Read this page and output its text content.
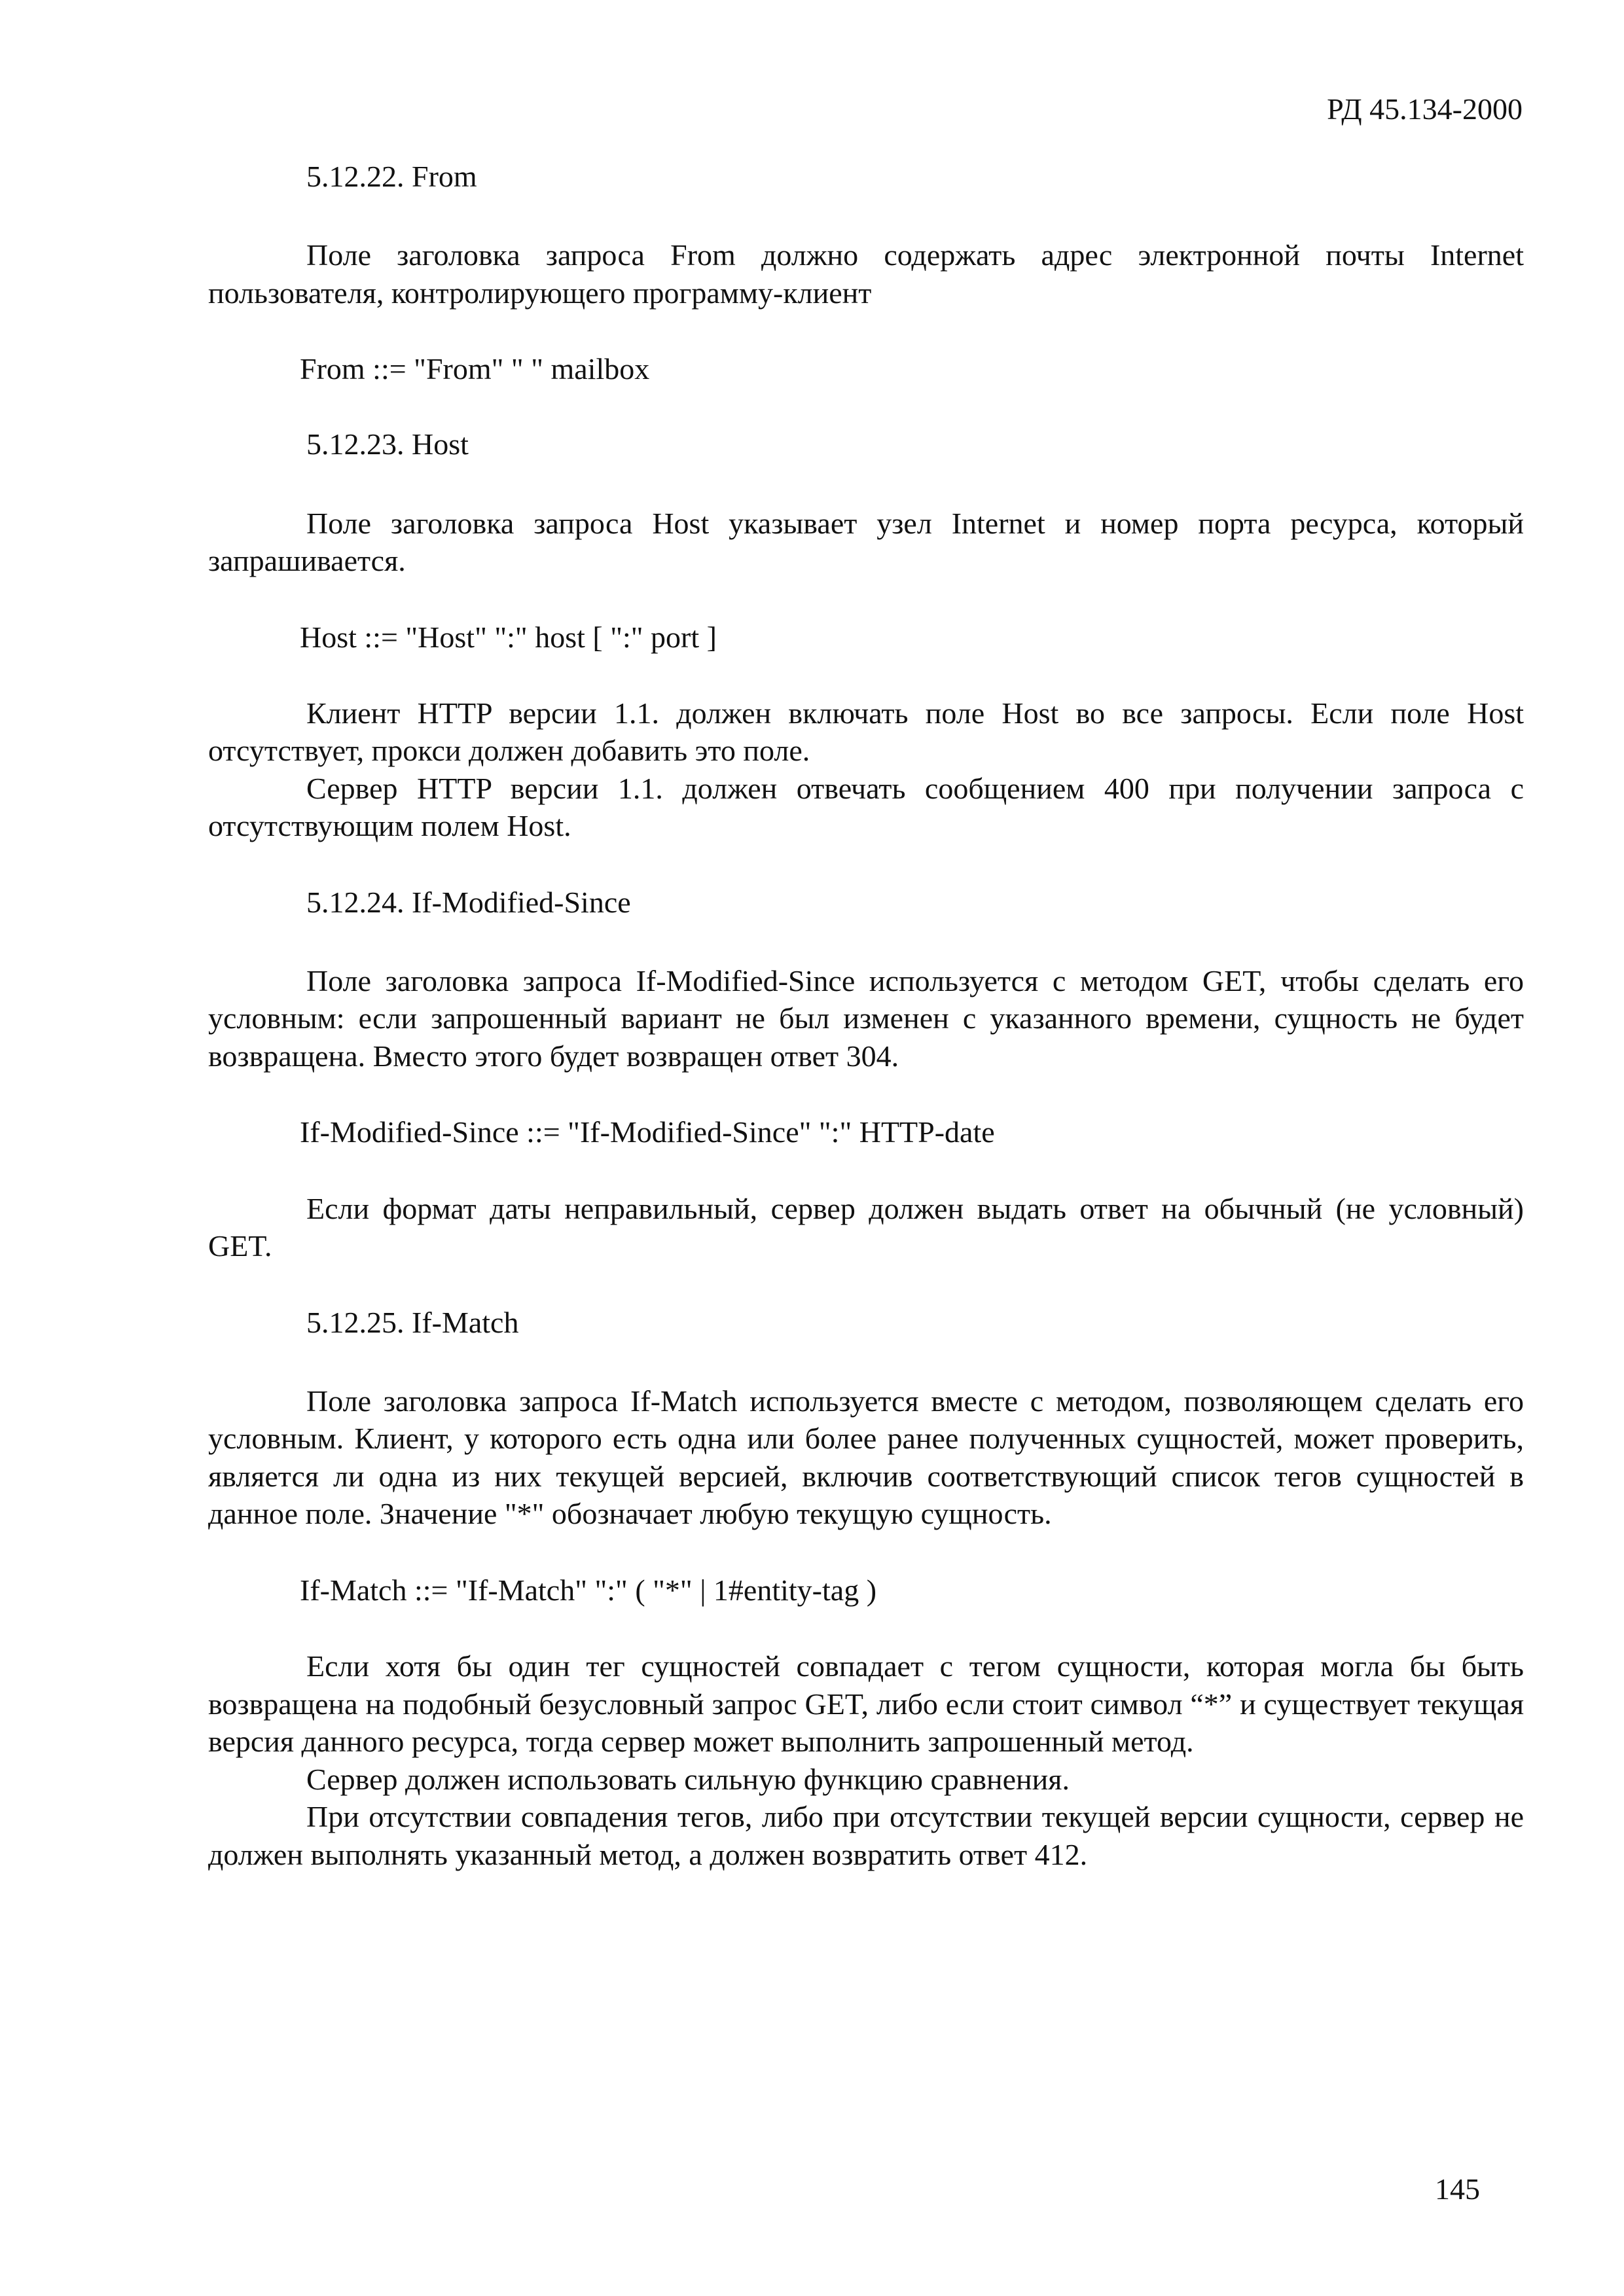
РД 45.134-2000
5.12.22. From

Поле заголовка запроса From должно содержать адрес электронной почты Internet пользователя, контролирующего программу-клиент

From ::= "From" " " mailbox
5.12.23. Host

Поле заголовка запроса Host указывает узел Internet и номер порта ресурса, который запрашивается.

Host ::= "Host" ":" host [ ":" port ]

Клиент HTTP версии 1.1. должен включать поле Host во все запросы. Если поле Host отсутствует, прокси должен добавить это поле.

Сервер HTTP версии 1.1. должен отвечать сообщением 400 при получении запроса с отсутствующим полем Host.

5.12.24. If-Modified-Since

Поле заголовка запроса If-Modified-Since используется с методом GET, чтобы сделать его условным: если запрошенный вариант не был изменен с указанного времени, сущность не будет возвращена. Вместо этого будет возвращен ответ 304.

If-Modified-Since ::= "If-Modified-Since" ":" HTTP-date

Если формат даты неправильный, сервер должен выдать ответ на обычный (не условный) GET.

5.12.25. If-Match

Поле заголовка запроса If-Match используется вместе с методом, позволяющем сделать его условным. Клиент, у которого есть одна или более ранее полученных сущностей, может проверить, является ли одна из них текущей версией, включив соответствующий список тегов сущностей в данное поле. Значение "*" обозначает любую текущую сущность.

If-Match ::= "If-Match" ":" ( "*" | 1#entity-tag )

Если хотя бы один тег сущностей совпадает с тегом сущности, которая могла бы быть возвращена на подобный безусловный запрос GET, либо если стоит символ “*” и существует текущая версия данного ресурса, тогда сервер может выполнить запрошенный метод.

Сервер должен использовать сильную функцию сравнения.

При отсутствии совпадения тегов, либо при отсутствии текущей версии сущности, сервер не должен выполнять указанный метод, а должен возвратить ответ 412.

145
